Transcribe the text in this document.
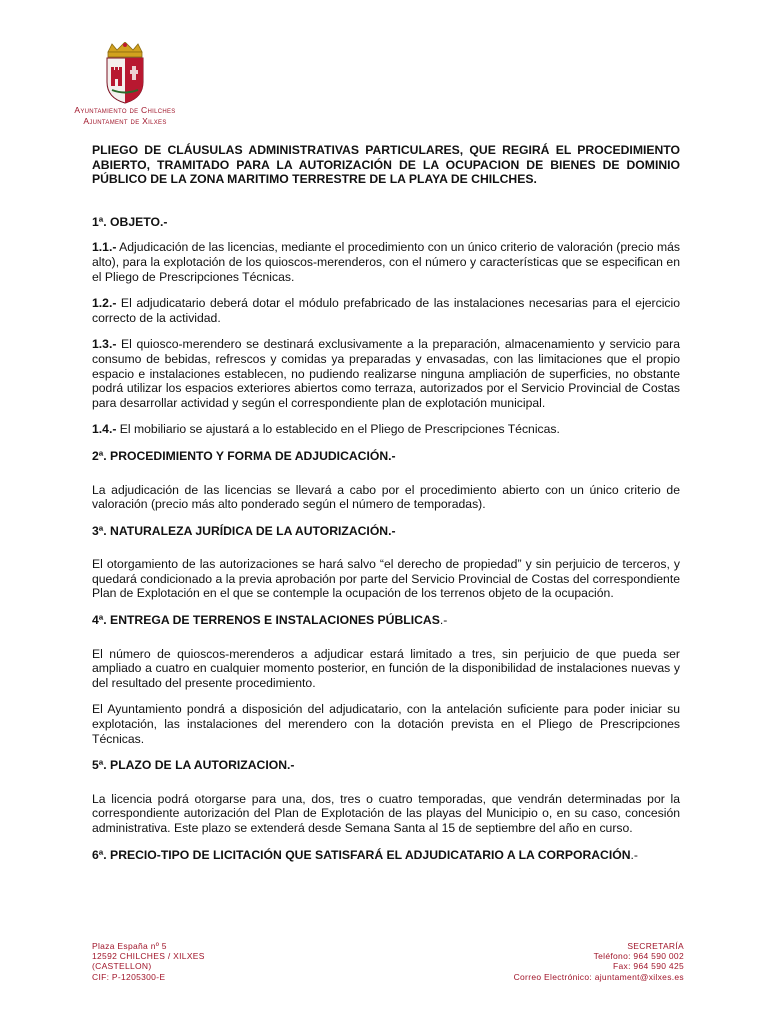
Ayuntamiento de Chilches
Ajuntament de Xilxes

PLIEGO DE CLÁUSULAS ADMINISTRATIVAS PARTICULARES, QUE REGIRÁ EL PROCEDIMIENTO ABIERTO, TRAMITADO PARA LA AUTORIZACIÓN DE LA OCUPACION DE BIENES DE DOMINIO PÚBLICO DE LA ZONA MARITIMO TERRESTRE DE LA PLAYA DE CHILCHES.

1ª. OBJETO.-

1.1.- Adjudicación de las licencias, mediante el procedimiento con un único criterio de valoración (precio más alto), para la explotación de los quioscos-merenderos, con el número y características que se especifican en el Pliego de Prescripciones Técnicas.

1.2.- El adjudicatario deberá dotar el módulo prefabricado de las instalaciones necesarias para el ejercicio correcto de la actividad.

1.3.- El quiosco-merendero se destinará exclusivamente a la preparación, almacenamiento y servicio para consumo de bebidas, refrescos y comidas ya preparadas y envasadas, con las limitaciones que el propio espacio e instalaciones establecen, no pudiendo realizarse ninguna ampliación de superficies, no obstante podrá utilizar los espacios exteriores abiertos como terraza, autorizados por el Servicio Provincial de Costas para desarrollar actividad y según el correspondiente plan de explotación municipal.

1.4.- El mobiliario se ajustará a lo establecido en el Pliego de Prescripciones Técnicas.

2ª. PROCEDIMIENTO Y FORMA DE ADJUDICACIÓN.-

La adjudicación de las licencias se llevará a cabo por el procedimiento abierto con un único criterio de valoración (precio más alto ponderado según el número de temporadas).

3ª. NATURALEZA JURÍDICA DE LA AUTORIZACIÓN.-

El otorgamiento de las autorizaciones se hará salvo “el derecho de propiedad” y sin perjuicio de terceros, y quedará condicionado a la previa aprobación por parte del Servicio Provincial de Costas del correspondiente Plan de Explotación en el que se contemple la ocupación de los terrenos objeto de la ocupación.

4ª. ENTREGA DE TERRENOS E INSTALACIONES PÚBLICAS.-

El número de quioscos-merenderos a adjudicar estará limitado a tres, sin perjuicio de que pueda ser ampliado a cuatro en cualquier momento posterior, en función de la disponibilidad de instalaciones nuevas y del resultado del presente procedimiento.

El Ayuntamiento pondrá a disposición del adjudicatario, con la antelación suficiente para poder iniciar su explotación, las instalaciones del merendero con la dotación prevista en el Pliego de Prescripciones Técnicas.

5ª. PLAZO DE LA AUTORIZACION.-

La licencia podrá otorgarse para una, dos, tres o cuatro temporadas, que vendrán determinadas por la correspondiente autorización del Plan de Explotación de las playas del Municipio o, en su caso, concesión administrativa. Este plazo se extenderá desde Semana Santa al 15 de septiembre del año en curso.

6ª. PRECIO-TIPO DE LICITACIÓN QUE SATISFARÁ EL ADJUDICATARIO A LA CORPORACIÓN.-

Plaza España nº 5
12592 CHILCHES / XILXES
(CASTELLON)
CIF: P-1205300-E
SECRETARÍA
Teléfono: 964 590 002
Fax: 964 590 425
Correo Electrónico: ajuntament@xilxes.es
